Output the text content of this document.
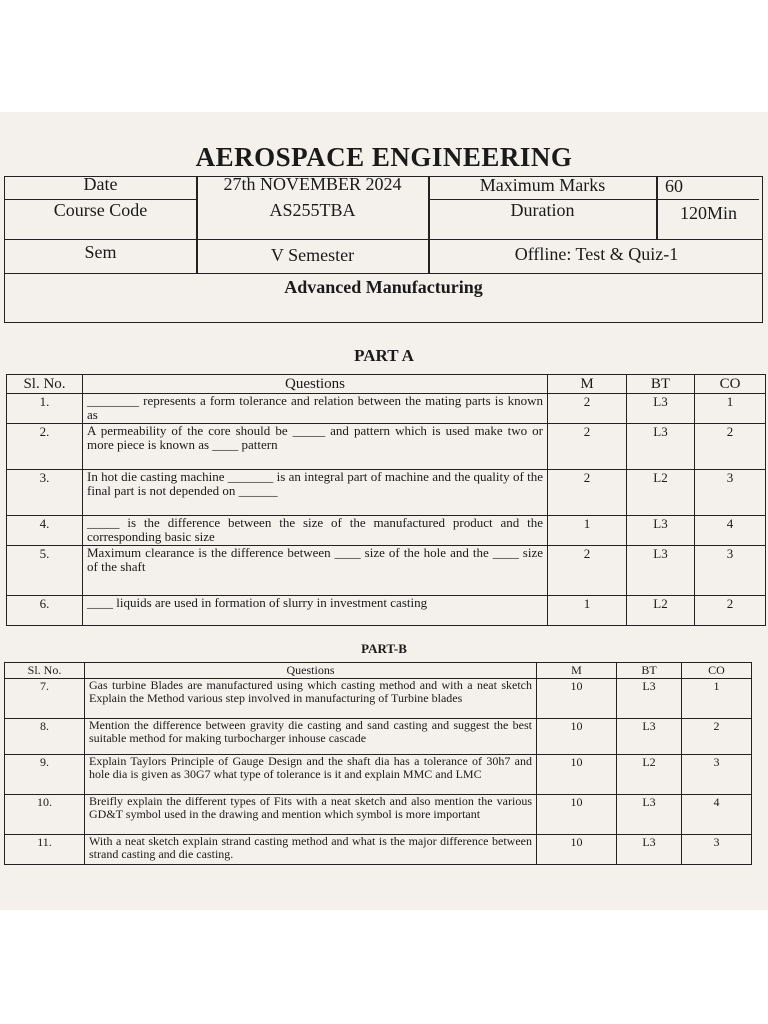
AEROSPACE ENGINEERING
Date	27th NOVEMBER 2024	Maximum Marks	60
Course Code	AS255TBA	Duration	120Min
Sem	V Semester	Offline: Test & Quiz-1
Advanced Manufacturing
PART A
Sl. No.	Questions	M	BT	CO
1.	________ represents a form tolerance and relation between the mating parts is known as	2	L3	1
2.	A permeability of the core should be _____ and pattern which is used make two or more piece is known as ____ pattern	2	L3	2
3.	In hot die casting machine _______ is an integral part of machine and the quality of the final part is not depended on ______	2	L2	3
4.	_____ is the difference between the size of the manufactured product and the corresponding basic size	1	L3	4
5.	Maximum clearance is the difference between ____ size of the hole and the ____ size of the shaft	2	L3	3
6.	____ liquids are used in formation of slurry in investment casting	1	L2	2
PART-B
Sl. No.	Questions	M	BT	CO
7.	Gas turbine Blades are manufactured using which casting method and with a neat sketch Explain the Method various step involved in manufacturing of Turbine blades	10	L3	1
8.	Mention the difference between gravity die casting and sand casting and suggest the best suitable method for making turbocharger inhouse cascade	10	L3	2
9.	Explain Taylors Principle of Gauge Design and the shaft dia has a tolerance of 30h7 and hole dia is given as 30G7 what type of tolerance is it and explain MMC and LMC	10	L2	3
10.	Breifly explain the different types of Fits with a neat sketch and also mention the various GD&T symbol used in the drawing and mention which symbol is more important	10	L3	4
11.	With a neat sketch explain strand casting method and what is the major difference between strand casting and die casting.	10	L3	3
